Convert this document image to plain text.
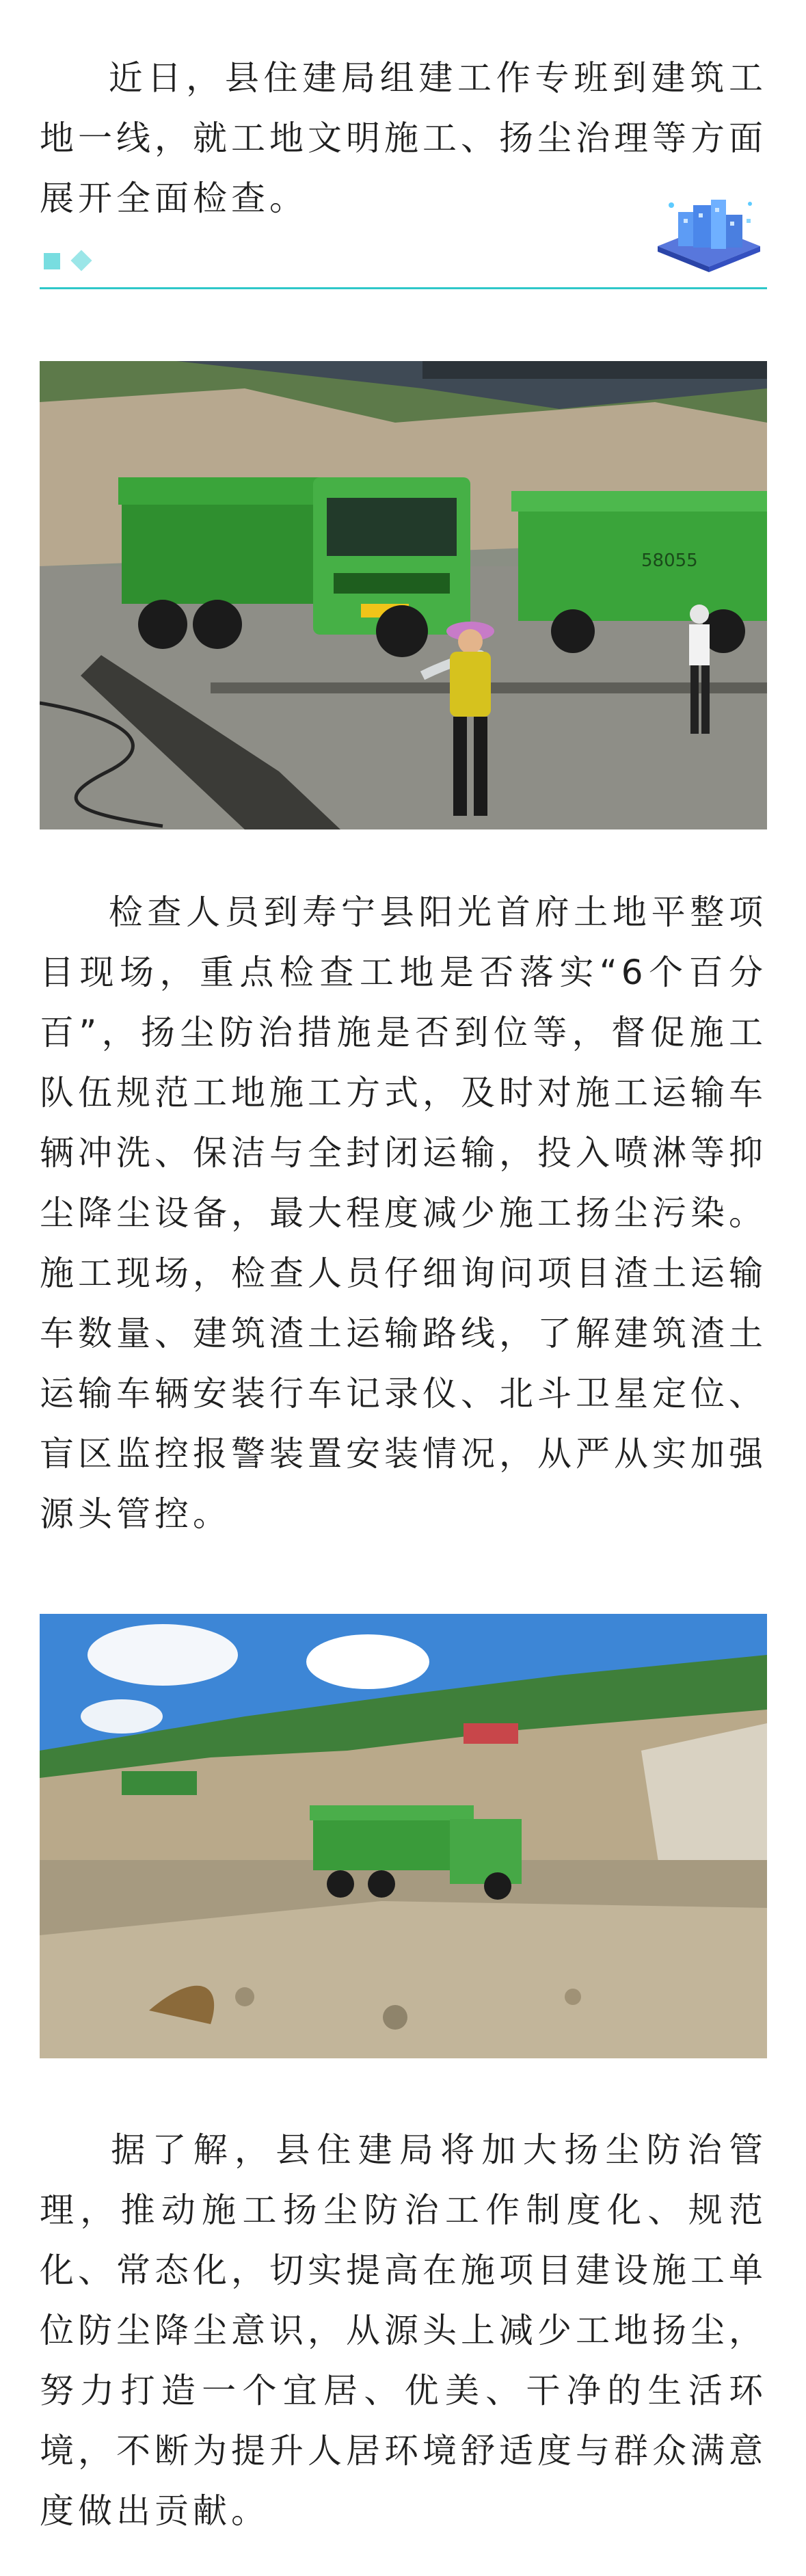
近日，县住建局组建工作专班到建筑工地一线，就工地文明施工、扬尘治理等方面展开全面检查。

58055

检查人员到寿宁县阳光首府土地平整项目现场，重点检查工地是否落实“6个百分百”，扬尘防治措施是否到位等，督促施工队伍规范工地施工方式，及时对施工运输车辆冲洗、保洁与全封闭运输，投入喷淋等抑尘降尘设备，最大程度减少施工扬尘污染。施工现场，检查人员仔细询问项目渣土运输车数量、建筑渣土运输路线，了解建筑渣土运输车辆安装行车记录仪、北斗卫星定位、盲区监控报警装置安装情况，从严从实加强源头管控。

据了解，县住建局将加大扬尘防治管理，推动施工扬尘防治工作制度化、规范化、常态化，切实提高在施项目建设施工单位防尘降尘意识，从源头上减少工地扬尘，努力打造一个宜居、优美、干净的生活环境，不断为提升人居环境舒适度与群众满意度做出贡献。
